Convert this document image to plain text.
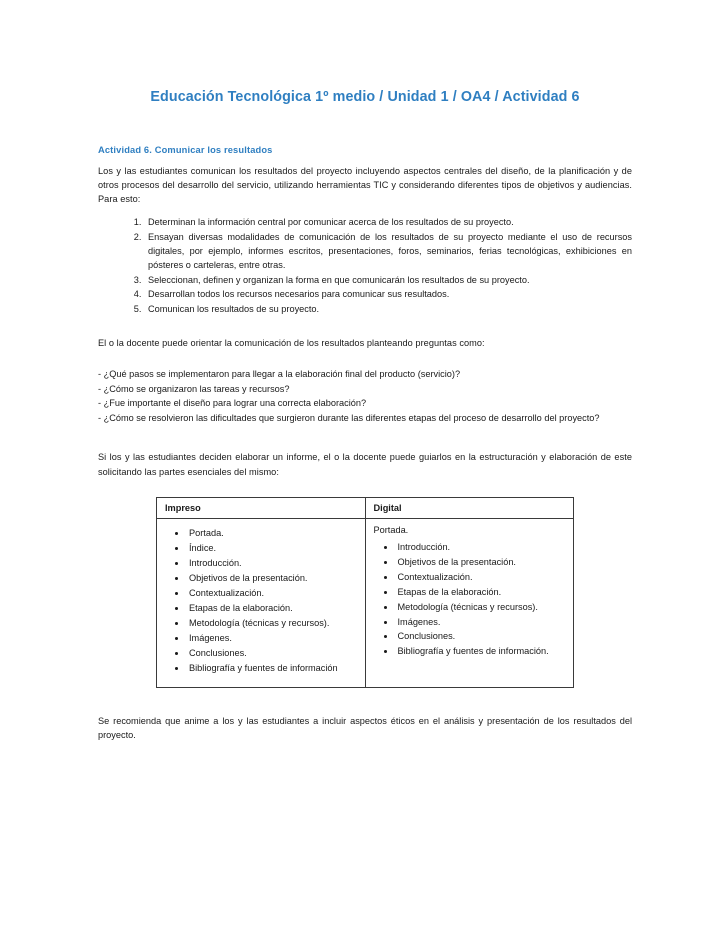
Educación Tecnológica 1º medio / Unidad 1 / OA4 / Actividad 6
Actividad 6. Comunicar los resultados

Los y las estudiantes comunican los resultados del proyecto incluyendo aspectos centrales del diseño, de la planificación y de otros procesos del desarrollo del servicio, utilizando herramientas TIC y considerando diferentes tipos de objetivos y audiencias. Para esto:

1. Determinan la información central por comunicar acerca de los resultados de su proyecto.
2. Ensayan diversas modalidades de comunicación de los resultados de su proyecto mediante el uso de recursos digitales, por ejemplo, informes escritos, presentaciones, foros, seminarios, ferias tecnológicas, exhibiciones en pósteres o carteleras, entre otras.
3. Seleccionan, definen y organizan la forma en que comunicarán los resultados de su proyecto.
4. Desarrollan todos los recursos necesarios para comunicar sus resultados.
5. Comunican los resultados de su proyecto.

El o la docente puede orientar la comunicación de los resultados planteando preguntas como:

- ¿Qué pasos se implementaron para llegar a la elaboración final del producto (servicio)?

- ¿Cómo se organizaron las tareas y recursos?

- ¿Fue importante el diseño para lograr una correcta elaboración?

- ¿Cómo se resolvieron las dificultades que surgieron durante las diferentes etapas del proceso de desarrollo del proyecto?

Si los y las estudiantes deciden elaborar un informe, el o la docente puede guiarlos en la estructuración y elaboración de este solicitando las partes esenciales del mismo:

Impreso	Digital

• Portada.
• Índice.
• Introducción.
• Objetivos de la presentación.
• Contextualización.
• Etapas de la elaboración.
• Metodología (técnicas y recursos).
• Imágenes.
• Conclusiones.
• Bibliografía y fuentes de información

Portada.

• Introducción.
• Objetivos de la presentación.
• Contextualización.
• Etapas de la elaboración.
• Metodología (técnicas y recursos).
• Imágenes.
• Conclusiones.
• Bibliografía y fuentes de información.

Se recomienda que anime a los y las estudiantes a incluir aspectos éticos en el análisis y presentación de los resultados del proyecto.
